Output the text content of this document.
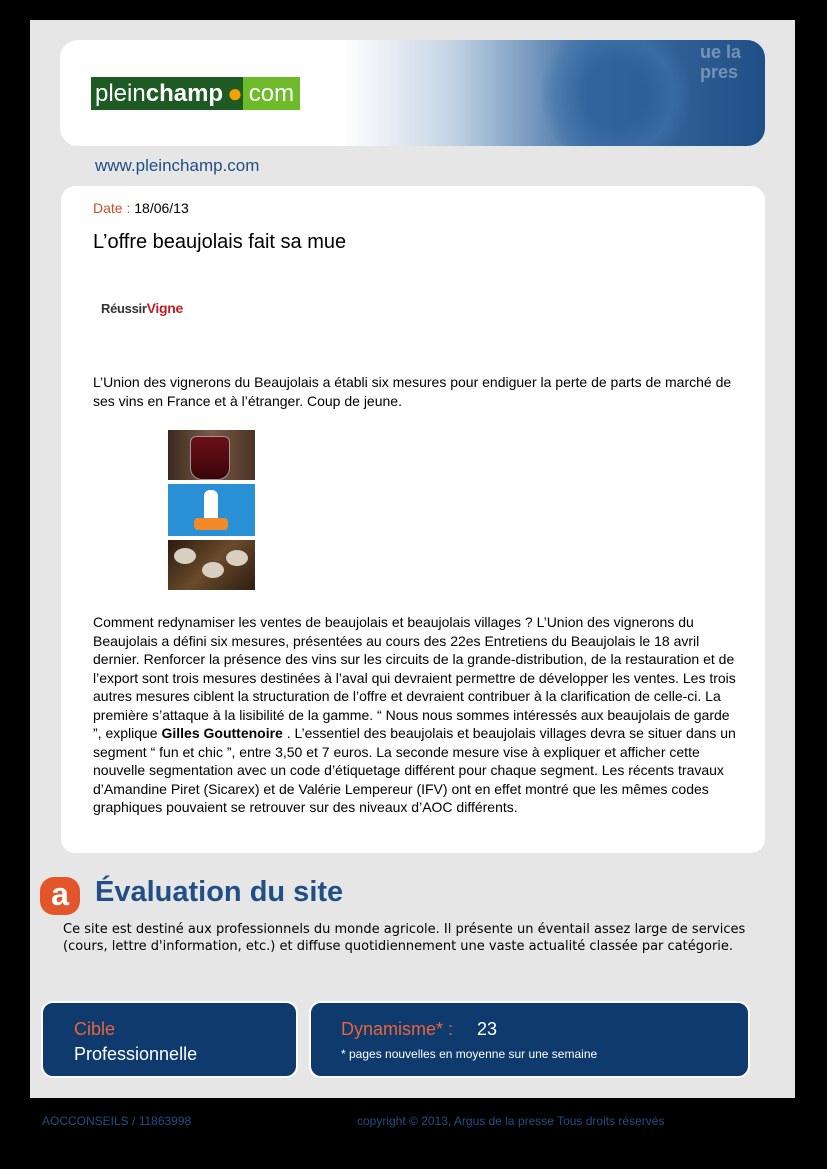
ue la pres
pleinchamp ● com
www.pleinchamp.com
Date : 18/06/13
L’offre beaujolais fait sa mue
RéussirVigne
L’Union des vignerons du Beaujolais a établi six mesures pour endiguer la perte de parts de marché de ses vins en France et à l’étranger. Coup de jeune.

Comment redynamiser les ventes de beaujolais et beaujolais villages ? L’Union des vignerons du Beaujolais a défini six mesures, présentées au cours des 22es Entretiens du Beaujolais le 18 avril dernier. Renforcer la présence des vins sur les circuits de la grande-distribution, de la restauration et de l’export sont trois mesures destinées à l’aval qui devraient permettre de développer les ventes. Les trois autres mesures ciblent la structuration de l’offre et devraient contribuer à la clarification de celle-ci. La première s’attaque à la lisibilité de la gamme. “ Nous nous sommes intéressés aux beaujolais de garde ”, explique Gilles Gouttenoire . L’essentiel des beaujolais et beaujolais villages devra se situer dans un segment “ fun et chic ”, entre 3,50 et 7 euros. La seconde mesure vise à expliquer et afficher cette nouvelle segmentation avec un code d’étiquetage différent pour chaque segment. Les récents travaux d’Amandine Piret (Sicarex) et de Valérie Lempereur (IFV) ont en effet montré que les mêmes codes graphiques pouvaient se retrouver sur des niveaux d’AOC différents.

a Évaluation du site
Ce site est destiné aux professionnels du monde agricole. Il présente un éventail assez large de services (cours, lettre d'information, etc.) et diffuse quotidiennement une vaste actualité classée par catégorie.
Cible
Professionnelle
Dynamisme* : 23
* pages nouvelles en moyenne sur une semaine
AOCCONSEILS / 11863998	copyright © 2013, Argus de la presse Tous droits réservés
